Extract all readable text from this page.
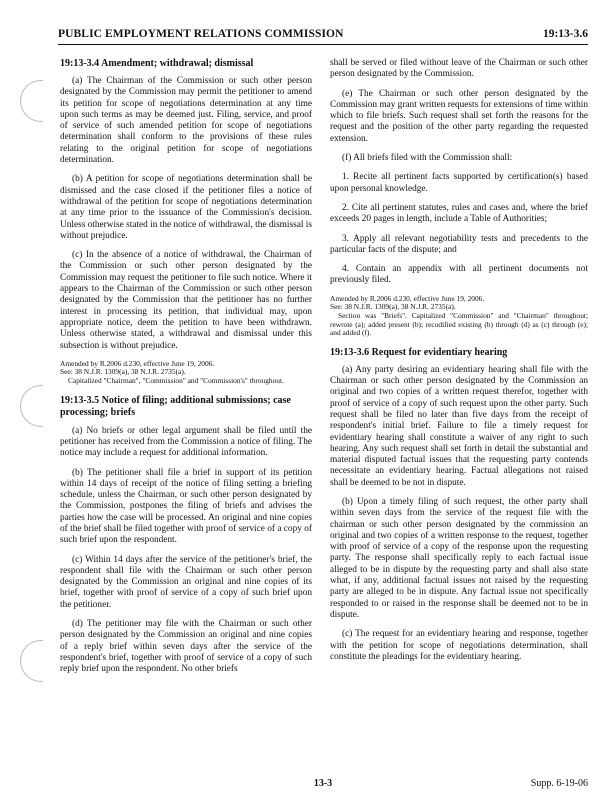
PUBLIC EMPLOYMENT RELATIONS COMMISSION	19:13-3.6
19:13-3.4 Amendment; withdrawal; dismissal

(a) The Chairman of the Commission or such other person designated by the Commission may permit the petitioner to amend its petition for scope of negotiations determination at any time upon such terms as may be deemed just. Filing, service, and proof of service of such amended petition for scope of negotiations determination shall conform to the provisions of these rules relating to the original petition for scope of negotiations determination.

(b) A petition for scope of negotiations determination shall be dismissed and the case closed if the petitioner files a notice of withdrawal of the petition for scope of negotiations determination at any time prior to the issuance of the Commission's decision. Unless otherwise stated in the notice of withdrawal, the dismissal is without prejudice.

(c) In the absence of a notice of withdrawal, the Chairman of the Commission or such other person designated by the Commission may request the petitioner to file such notice. Where it appears to the Chairman of the Commission or such other person designated by the Commission that the petitioner has no further interest in processing its petition, that individual may, upon appropriate notice, deem the petition to have been withdrawn. Unless otherwise stated, a withdrawal and dismissal under this subsection is without prejudice.

Amended by R.2006 d.230, effective June 19, 2006.
See: 38 N.J.R. 1309(a), 38 N.J.R. 2735(a).
Capitalized "Chairman", "Commission" and "Commission's" throughout.
19:13-3.5 Notice of filing; additional submissions; case
processing; briefs

(a) No briefs or other legal argument shall be filed until the petitioner has received from the Commission a notice of filing. The notice may include a request for additional information.

(b) The petitioner shall file a brief in support of its petition within 14 days of receipt of the notice of filing setting a briefing schedule, unless the Chairman, or such other person designated by the Commission, postpones the filing of briefs and advises the parties how the case will be processed. An original and nine copies of the brief shall be filed together with proof of service of a copy of such brief upon the respondent.

(c) Within 14 days after the service of the petitioner's brief, the respondent shall file with the Chairman or such other person designated by the Commission an original and nine copies of its brief, together with proof of service of a copy of such brief upon the petitioner.

(d) The petitioner may file with the Chairman or such other person designated by the Commission an original and nine copies of a reply brief within seven days after the service of the respondent's brief, together with proof of service of a copy of such reply brief upon the respondent. No other briefs

shall be served or filed without leave of the Chairman or such other person designated by the Commission.

(e) The Chairman or such other person designated by the Commission may grant written requests for extensions of time within which to file briefs. Such request shall set forth the reasons for the request and the position of the other party regarding the requested extension.

(f) All briefs filed with the Commission shall:

1. Recite all pertinent facts supported by certification(s) based upon personal knowledge.

2. Cite all pertinent statutes, rules and cases and, where the brief exceeds 20 pages in length, include a Table of Authorities;

3. Apply all relevant negotiability tests and precedents to the particular facts of the dispute; and

4. Contain an appendix with all pertinent documents not previously filed.

Amended by R.2006 d.230, effective June 19, 2006.
See: 38 N.J.R. 1309(a), 38 N.J.R. 2735(a).
Section was "Briefs". Capitalized "Commission" and "Chairman" throughout; rewrote (a); added present (b); recodified existing (b) through (d) as (c) through (e); and added (f).
19:13-3.6 Request for evidentiary hearing

(a) Any party desiring an evidentiary hearing shall file with the Chairman or such other person designated by the Commission an original and two copies of a written request therefor, together with proof of service of a copy of such request upon the other party. Such request shall be filed no later than five days from the receipt of respondent's initial brief. Failure to file a timely request for evidentiary hearing shall constitute a waiver of any right to such hearing. Any such request shall set forth in detail the substantial and material disputed factual issues that the requesting party contends necessitate an evidentiary hearing. Factual allegations not raised shall be deemed to be not in dispute.

(b) Upon a timely filing of such request, the other party shall within seven days from the service of the request file with the chairman or such other person designated by the commission an original and two copies of a written response to the request, together with proof of service of a copy of the response upon the requesting party. The response shall specifically reply to each factual issue alleged to be in dispute by the requesting party and shall also state what, if any, additional factual issues not raised by the requesting party are alleged to be in dispute. Any factual issue not specifically responded to or raised in the response shall be deemed not to be in dispute.

(c) The request for an evidentiary hearing and response, together with the petition for scope of negotiations determination, shall constitute the pleadings for the evidentiary hearing.

13-3	Supp. 6-19-06
